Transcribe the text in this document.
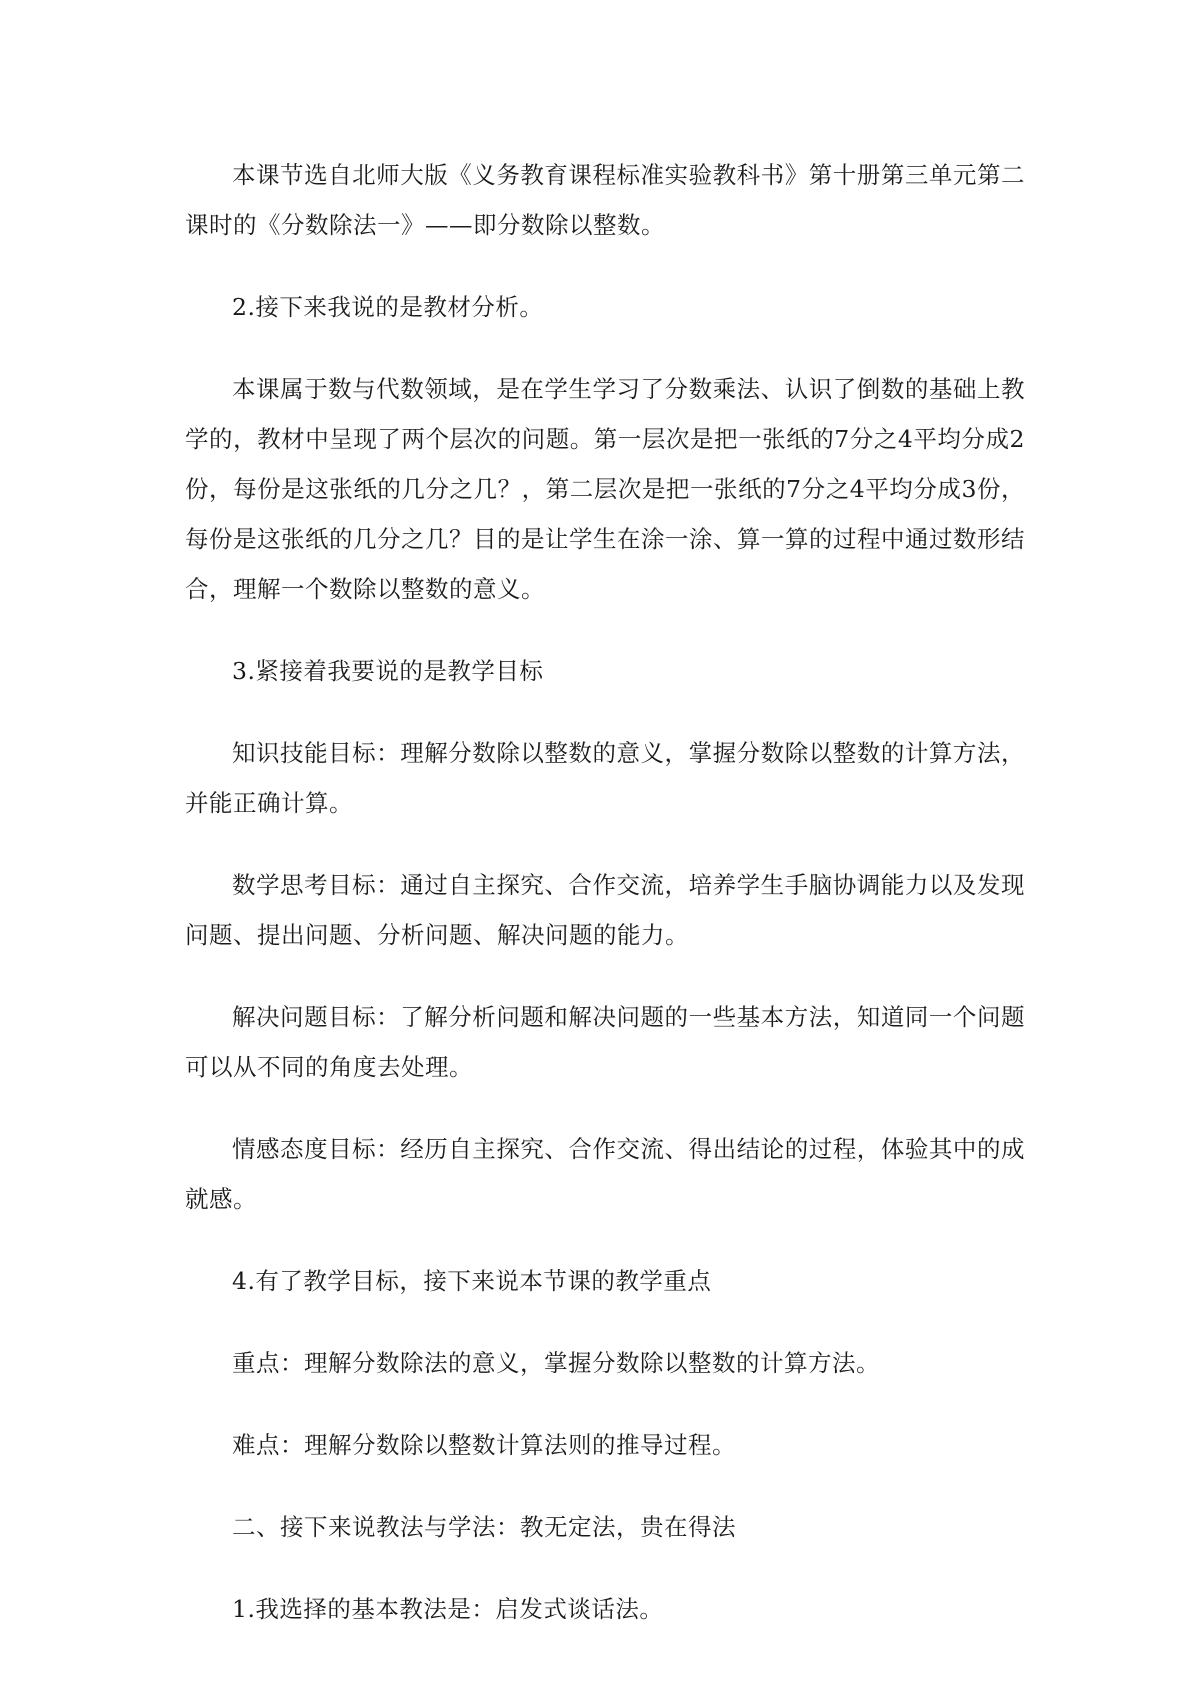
本课节选自北师大版《义务教育课程标准实验教科书》第十册第三单元第二课时的《分数除法一》——即分数除以整数。

2.接下来我说的是教材分析。

本课属于数与代数领域，是在学生学习了分数乘法、认识了倒数的基础上教学的，教材中呈现了两个层次的问题。第一层次是把一张纸的7分之4平均分成2份，每份是这张纸的几分之几？，第二层次是把一张纸的7分之4平均分成3份，每份是这张纸的几分之几？目的是让学生在涂一涂、算一算的过程中通过数形结合，理解一个数除以整数的意义。

3.紧接着我要说的是教学目标

知识技能目标：理解分数除以整数的意义，掌握分数除以整数的计算方法，并能正确计算。

数学思考目标：通过自主探究、合作交流，培养学生手脑协调能力以及发现问题、提出问题、分析问题、解决问题的能力。

解决问题目标：了解分析问题和解决问题的一些基本方法，知道同一个问题可以从不同的角度去处理。

情感态度目标：经历自主探究、合作交流、得出结论的过程，体验其中的成就感。

4.有了教学目标，接下来说本节课的教学重点

重点：理解分数除法的意义，掌握分数除以整数的计算方法。

难点：理解分数除以整数计算法则的推导过程。

二、接下来说教法与学法：教无定法，贵在得法

1.我选择的基本教法是：启发式谈话法。
